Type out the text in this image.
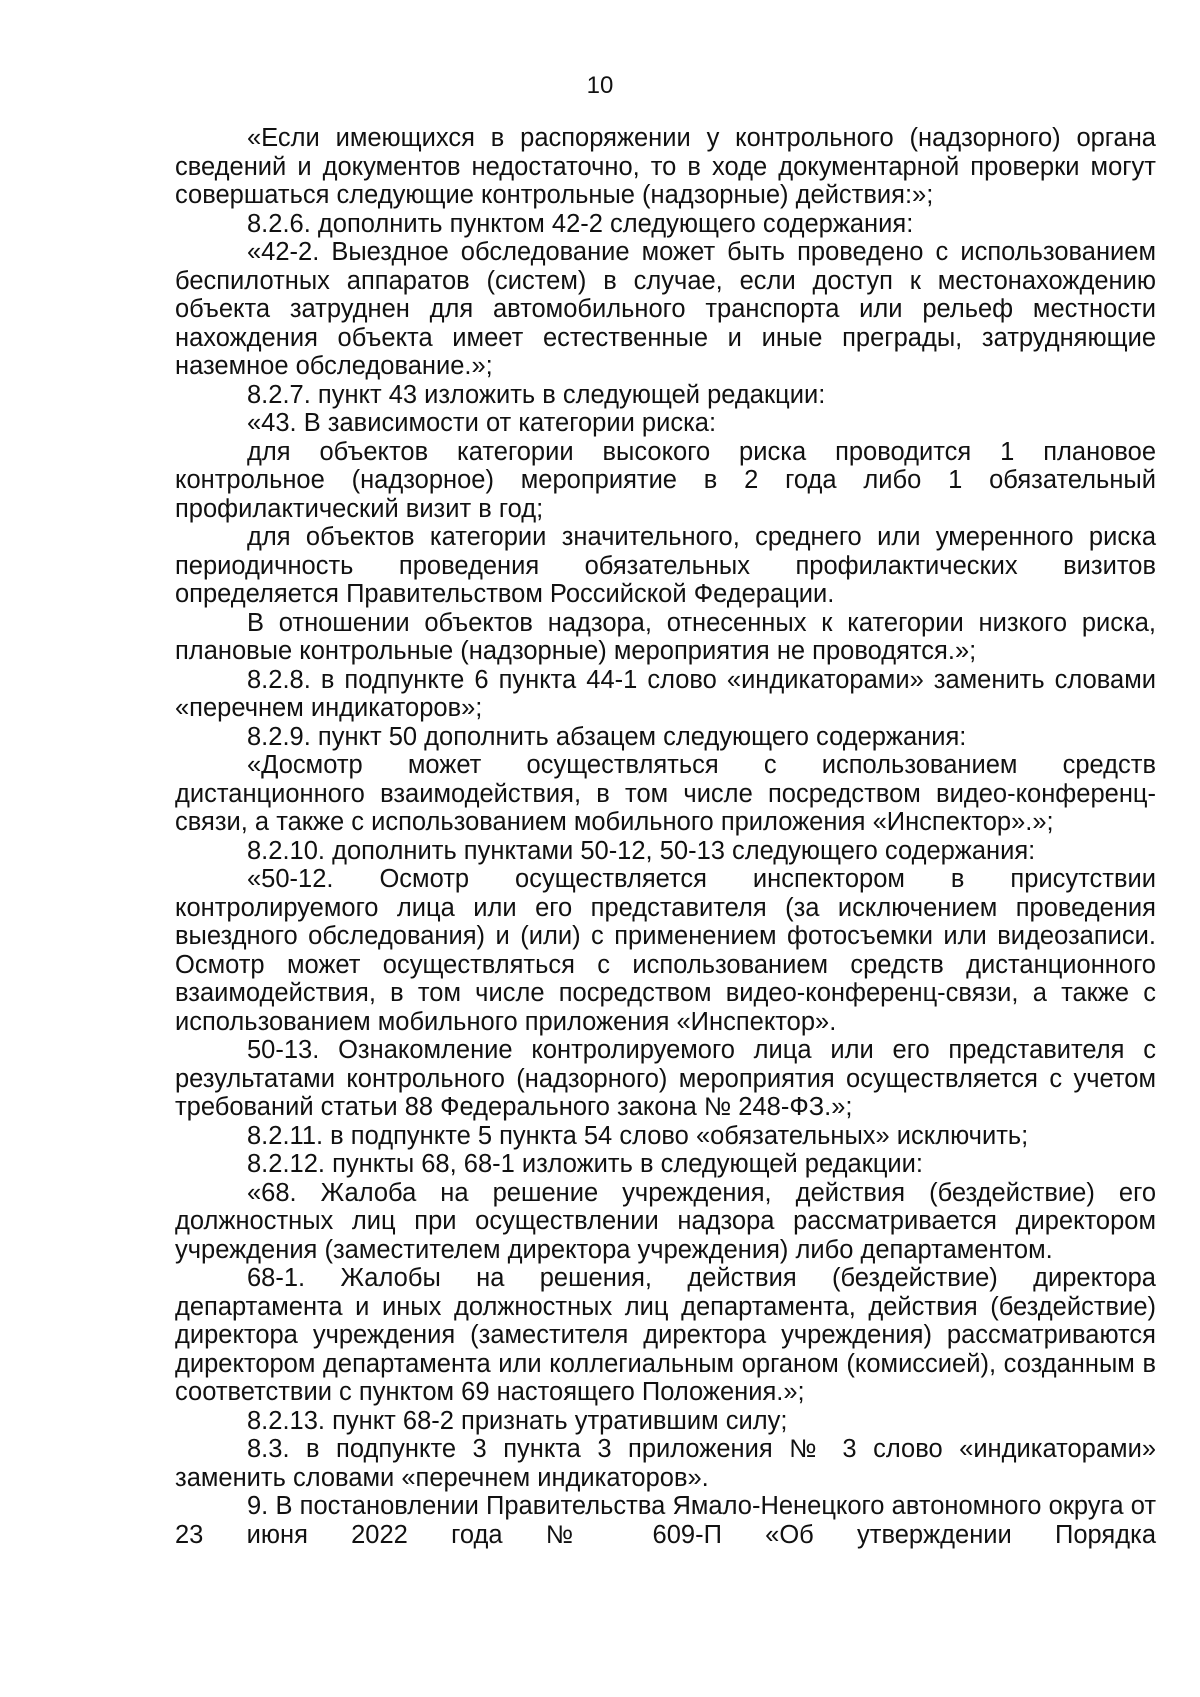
10

«Если имеющихся в распоряжении у контрольного (надзорного) органа сведений и документов недостаточно, то в ходе документарной проверки могут совершаться следующие контрольные (надзорные) действия:»;

8.2.6. дополнить пунктом 42-2 следующего содержания:

«42-2. Выездное обследование может быть проведено с использованием беспилотных аппаратов (систем) в случае, если доступ к местонахождению объекта затруднен для автомобильного транспорта или рельеф местности нахождения объекта имеет естественные и иные преграды, затрудняющие наземное обследование.»;

8.2.7. пункт 43 изложить в следующей редакции:

«43. В зависимости от категории риска:

для объектов категории высокого риска проводится 1 плановое контрольное (надзорное) мероприятие в 2 года либо 1 обязательный профилактический визит в год;

для объектов категории значительного, среднего или умеренного риска периодичность проведения обязательных профилактических визитов определяется Правительством Российской Федерации.

В отношении объектов надзора, отнесенных к категории низкого риска, плановые контрольные (надзорные) мероприятия не проводятся.»;

8.2.8. в подпункте 6 пункта 44-1 слово «индикаторами» заменить словами «перечнем индикаторов»;

8.2.9. пункт 50 дополнить абзацем следующего содержания:

«Досмотр может осуществляться с использованием средств дистанционного взаимодействия, в том числе посредством видео-конференц-связи, а также с использованием мобильного приложения «Инспектор».»;

8.2.10. дополнить пунктами 50-12, 50-13 следующего содержания:

«50-12. Осмотр осуществляется инспектором в присутствии контролируемого лица или его представителя (за исключением проведения выездного обследования) и (или) с применением фотосъемки или видеозаписи. Осмотр может осуществляться с использованием средств дистанционного взаимодействия, в том числе посредством видео-конференц-связи, а также с использованием мобильного приложения «Инспектор».

50-13. Ознакомление контролируемого лица или его представителя с результатами контрольного (надзорного) мероприятия осуществляется с учетом требований статьи 88 Федерального закона № 248-ФЗ.»;

8.2.11. в подпункте 5 пункта 54 слово «обязательных» исключить;

8.2.12. пункты 68, 68-1 изложить в следующей редакции:

«68. Жалоба на решение учреждения, действия (бездействие) его должностных лиц при осуществлении надзора рассматривается директором учреждения (заместителем директора учреждения) либо департаментом.

68-1. Жалобы на решения, действия (бездействие) директора департамента и иных должностных лиц департамента, действия (бездействие) директора учреждения (заместителя директора учреждения) рассматриваются директором департамента или коллегиальным органом (комиссией), созданным в соответствии с пунктом 69 настоящего Положения.»;

8.2.13. пункт 68-2 признать утратившим силу;

8.3. в подпункте 3 пункта 3 приложения № 3 слово «индикаторами» заменить словами «перечнем индикаторов».

9. В постановлении Правительства Ямало-Ненецкого автономного округа от 23 июня 2022 года № 609-П «Об утверждении Порядка
